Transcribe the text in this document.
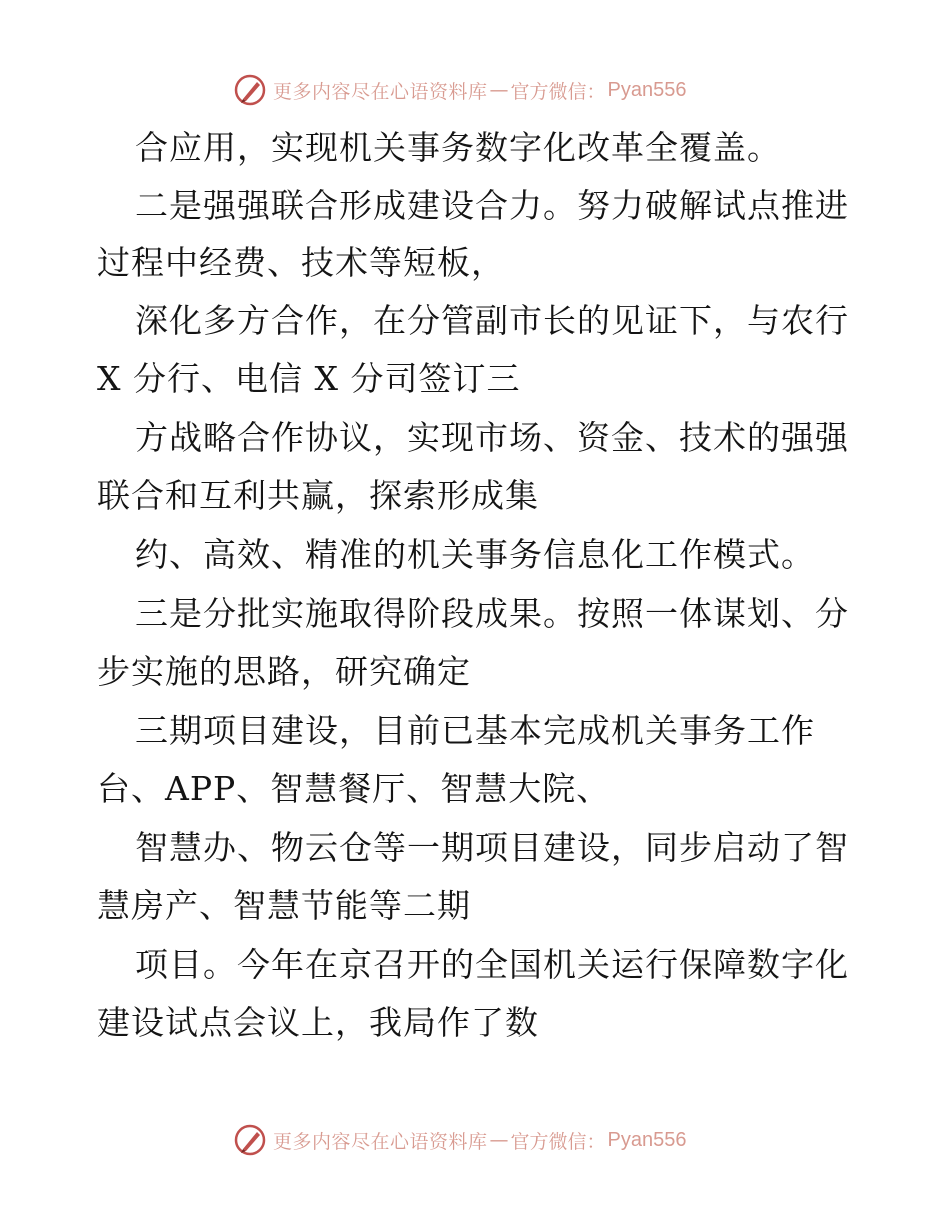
更多内容尽在心语资料库 — 官方微信： Pyan556
合应用，实现机关事务数字化改革全覆盖。
二是强强联合形成建设合力。努力破解试点推进
过程中经费、技术等短板，
深化多方合作，在分管副市长的见证下，与农行
X 分行、电信 X 分司签订三
方战略合作协议，实现市场、资金、技术的强强
联合和互利共赢，探索形成集
约、高效、精准的机关事务信息化工作模式。
三是分批实施取得阶段成果。按照一体谋划、分
步实施的思路，研究确定
三期项目建设，目前已基本完成机关事务工作
台、APP、智慧餐厅、智慧大院、
智慧办、物云仓等一期项目建设，同步启动了智
慧房产、智慧节能等二期
项目。今年在京召开的全国机关运行保障数字化
建设试点会议上，我局作了数
更多内容尽在心语资料库 — 官方微信： Pyan556
